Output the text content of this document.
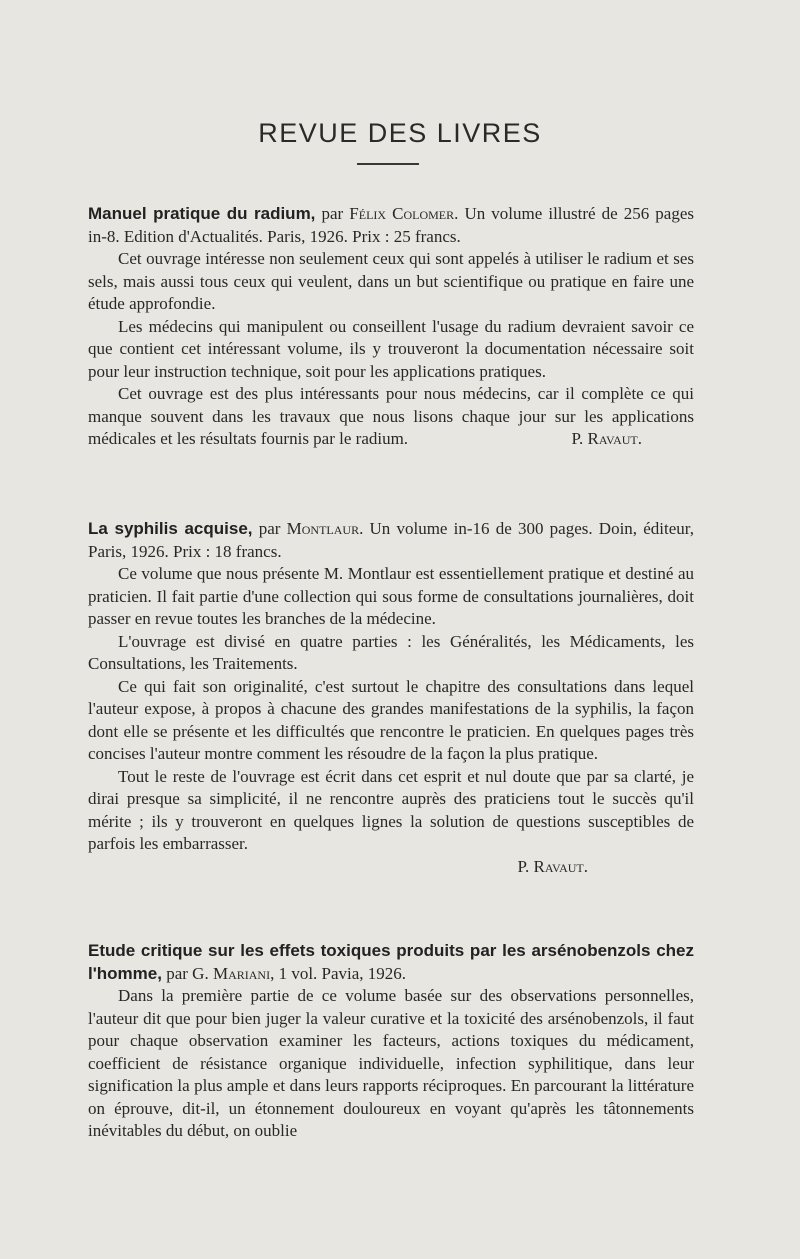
REVUE DES LIVRES

Manuel pratique du radium, par Félix Colomer. Un volume illustré de 256 pages in-8. Edition d'Actualités. Paris, 1926. Prix : 25 francs.

Cet ouvrage intéresse non seulement ceux qui sont appelés à utiliser le radium et ses sels, mais aussi tous ceux qui veulent, dans un but scientifique ou pratique en faire une étude approfondie.

Les médecins qui manipulent ou conseillent l'usage du radium devraient savoir ce que contient cet intéressant volume, ils y trouveront la documentation nécessaire soit pour leur instruction technique, soit pour les applications pratiques.

Cet ouvrage est des plus intéressants pour nous médecins, car il complète ce qui manque souvent dans les travaux que nous lisons chaque jour sur les applications médicales et les résultats fournis par le radium.	P. Ravaut.

La syphilis acquise, par Montlaur. Un volume in-16 de 300 pages. Doin, éditeur, Paris, 1926. Prix : 18 francs.

Ce volume que nous présente M. Montlaur est essentiellement pratique et destiné au praticien. Il fait partie d'une collection qui sous forme de consultations journalières, doit passer en revue toutes les branches de la médecine.

L'ouvrage est divisé en quatre parties : les Généralités, les Médicaments, les Consultations, les Traitements.

Ce qui fait son originalité, c'est surtout le chapitre des consultations dans lequel l'auteur expose, à propos à chacune des grandes manifestations de la syphilis, la façon dont elle se présente et les difficultés que rencontre le praticien. En quelques pages très concises l'auteur montre comment les résoudre de la façon la plus pratique.

Tout le reste de l'ouvrage est écrit dans cet esprit et nul doute que par sa clarté, je dirai presque sa simplicité, il ne rencontre auprès des praticiens tout le succès qu'il mérite ; ils y trouveront en quelques lignes la solution de questions susceptibles de parfois les embarrasser.

P. Ravaut.

Etude critique sur les effets toxiques produits par les arsénobenzols chez l'homme, par G. Mariani, 1 vol. Pavia, 1926.

Dans la première partie de ce volume basée sur des observations personnelles, l'auteur dit que pour bien juger la valeur curative et la toxicité des arsénobenzols, il faut pour chaque observation examiner les facteurs, actions toxiques du médicament, coefficient de résistance organique individuelle, infection syphilitique, dans leur signification la plus ample et dans leurs rapports réciproques. En parcourant la littérature on éprouve, dit-il, un étonnement douloureux en voyant qu'après les tâtonnements inévitables du début, on oublie
